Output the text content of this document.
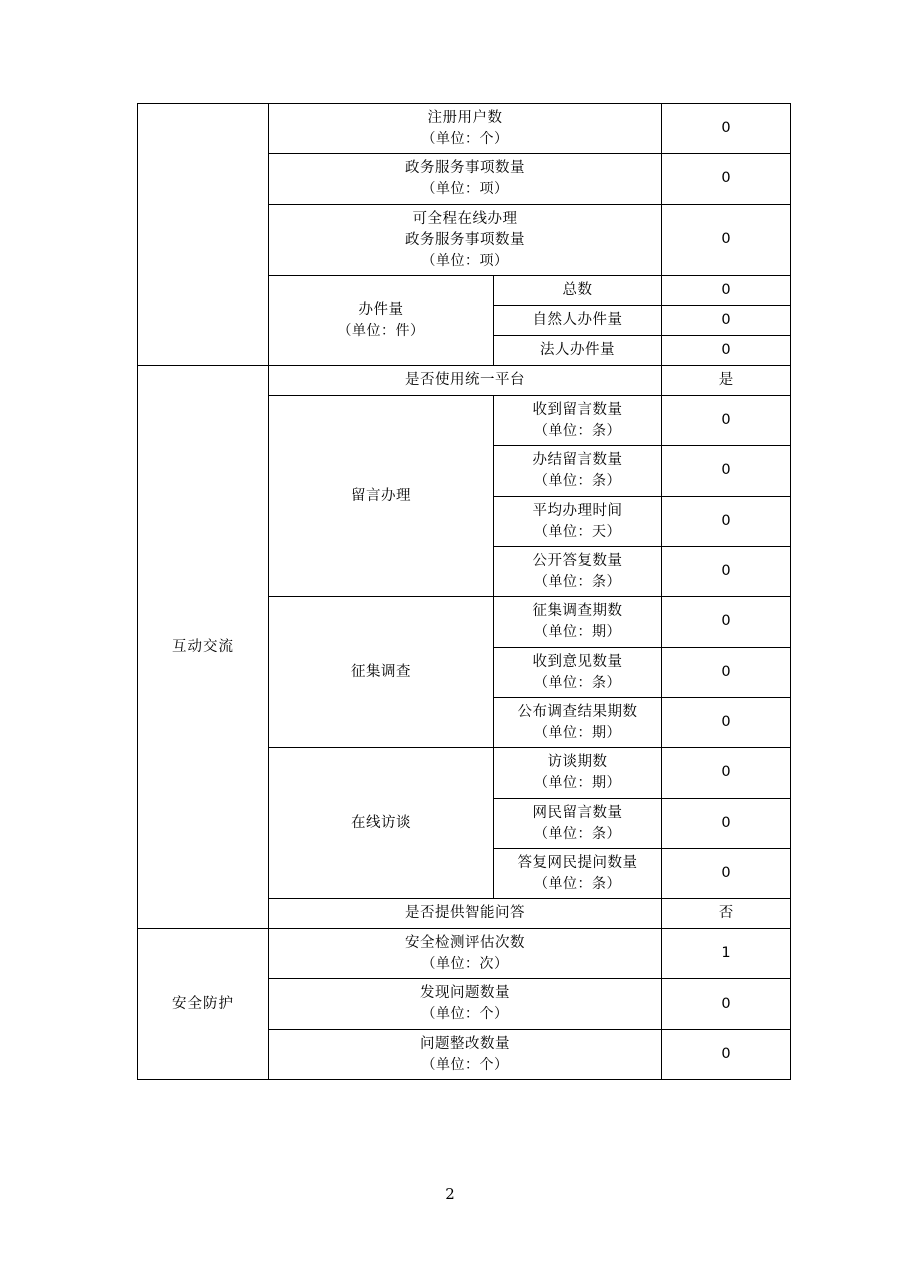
	注册用户数
（单位：个）		0
	政务服务事项数量
（单位：项）		0
	可全程在线办理
政务服务事项数量
（单位：项）		0
	办件量
（单位：件）	总数	0
		自然人办件量	0
		法人办件量	0
互动交流	是否使用统一平台		是
	留言办理	收到留言数量
（单位：条）	0
		办结留言数量
（单位：条）	0
		平均办理时间
（单位：天）	0
		公开答复数量
（单位：条）	0
	征集调查	征集调查期数
（单位：期）	0
		收到意见数量
（单位：条）	0
		公布调查结果期数
（单位：期）	0
	在线访谈	访谈期数
（单位：期）	0
		网民留言数量
（单位：条）	0
		答复网民提问数量
（单位：条）	0
	是否提供智能问答		否
安全防护	安全检测评估次数
（单位：次）		1
	发现问题数量
（单位：个）		0
	问题整改数量
（单位：个）		0
2
